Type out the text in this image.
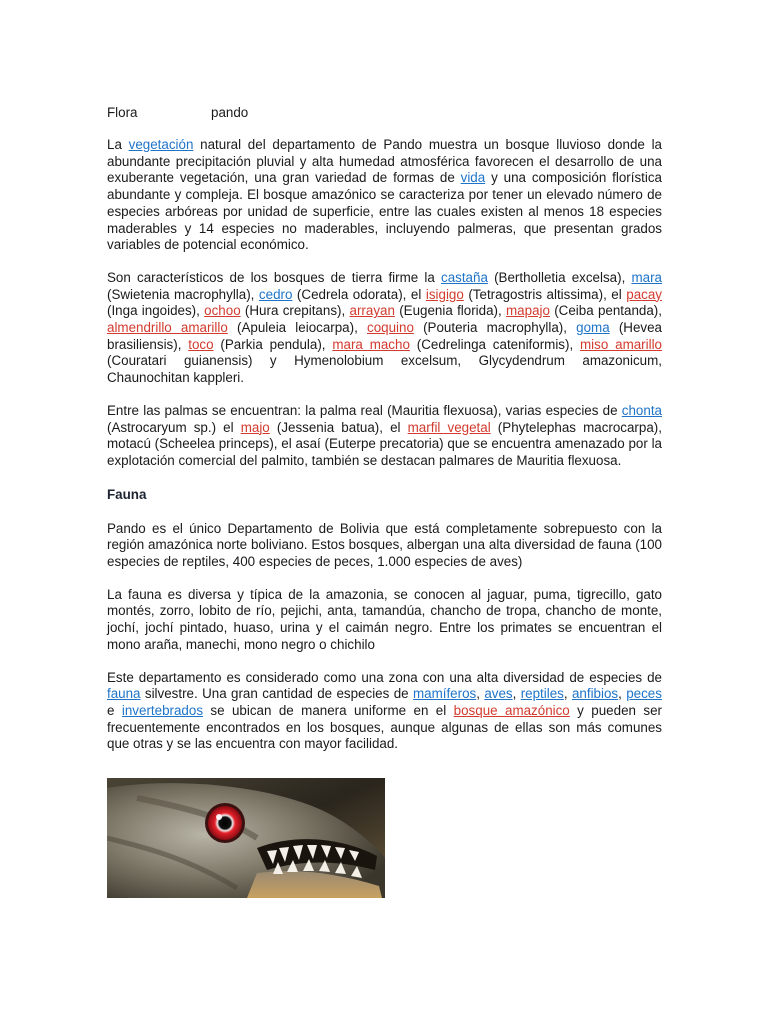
Flora	pando

La vegetación natural del departamento de Pando muestra un bosque lluvioso donde la abundante precipitación pluvial y alta humedad atmosférica favorecen el desarrollo de una exuberante vegetación, una gran variedad de formas de vida y una composición florística abundante y compleja. El bosque amazónico se caracteriza por tener un elevado número de especies arbóreas por unidad de superficie, entre las cuales existen al menos 18 especies maderables y 14 especies no maderables, incluyendo palmeras, que presentan grados variables de potencial económico.

Son característicos de los bosques de tierra firme la castaña (Bertholletia excelsa), mara (Swietenia macrophylla), cedro (Cedrela odorata), el isigigo (Tetragostris altissima), el pacay (Inga ingoides), ochoo (Hura crepitans), arrayan (Eugenia florida), mapajo (Ceiba pentanda), almendrillo amarillo (Apuleia leiocarpa), coquino (Pouteria macrophylla), goma (Hevea brasiliensis), toco (Parkia pendula), mara macho (Cedrelinga cateniformis), miso amarillo (Couratari guianensis) y Hymenolobium excelsum, Glycydendrum amazonicum, Chaunochitan kappleri.

Entre las palmas se encuentran: la palma real (Mauritia flexuosa), varias especies de chonta (Astrocaryum sp.) el majo (Jessenia batua), el marfil vegetal (Phytelephas macrocarpa), motacú (Scheelea princeps), el asaí (Euterpe precatoria) que se encuentra amenazado por la explotación comercial del palmito, también se destacan palmares de Mauritia flexuosa.

Fauna

Pando es el único Departamento de Bolivia que está completamente sobrepuesto con la región amazónica norte boliviano. Estos bosques, albergan una alta diversidad de fauna (100 especies de reptiles, 400 especies de peces, 1.000 especies de aves)

La fauna es diversa y típica de la amazonia, se conocen al jaguar, puma, tigrecillo, gato montés, zorro, lobito de río, pejichi, anta, tamandúa, chancho de tropa, chancho de monte, jochí, jochí pintado, huaso, urina y el caimán negro. Entre los primates se encuentran el mono araña, manechi, mono negro o chichilo

Este departamento es considerado como una zona con una alta diversidad de especies de fauna silvestre. Una gran cantidad de especies de mamíferos, aves, reptiles, anfibios, peces e invertebrados se ubican de manera uniforme en el bosque amazónico y pueden ser frecuentemente encontrados en los bosques, aunque algunas de ellas son más comunes que otras y se las encuentra con mayor facilidad.
